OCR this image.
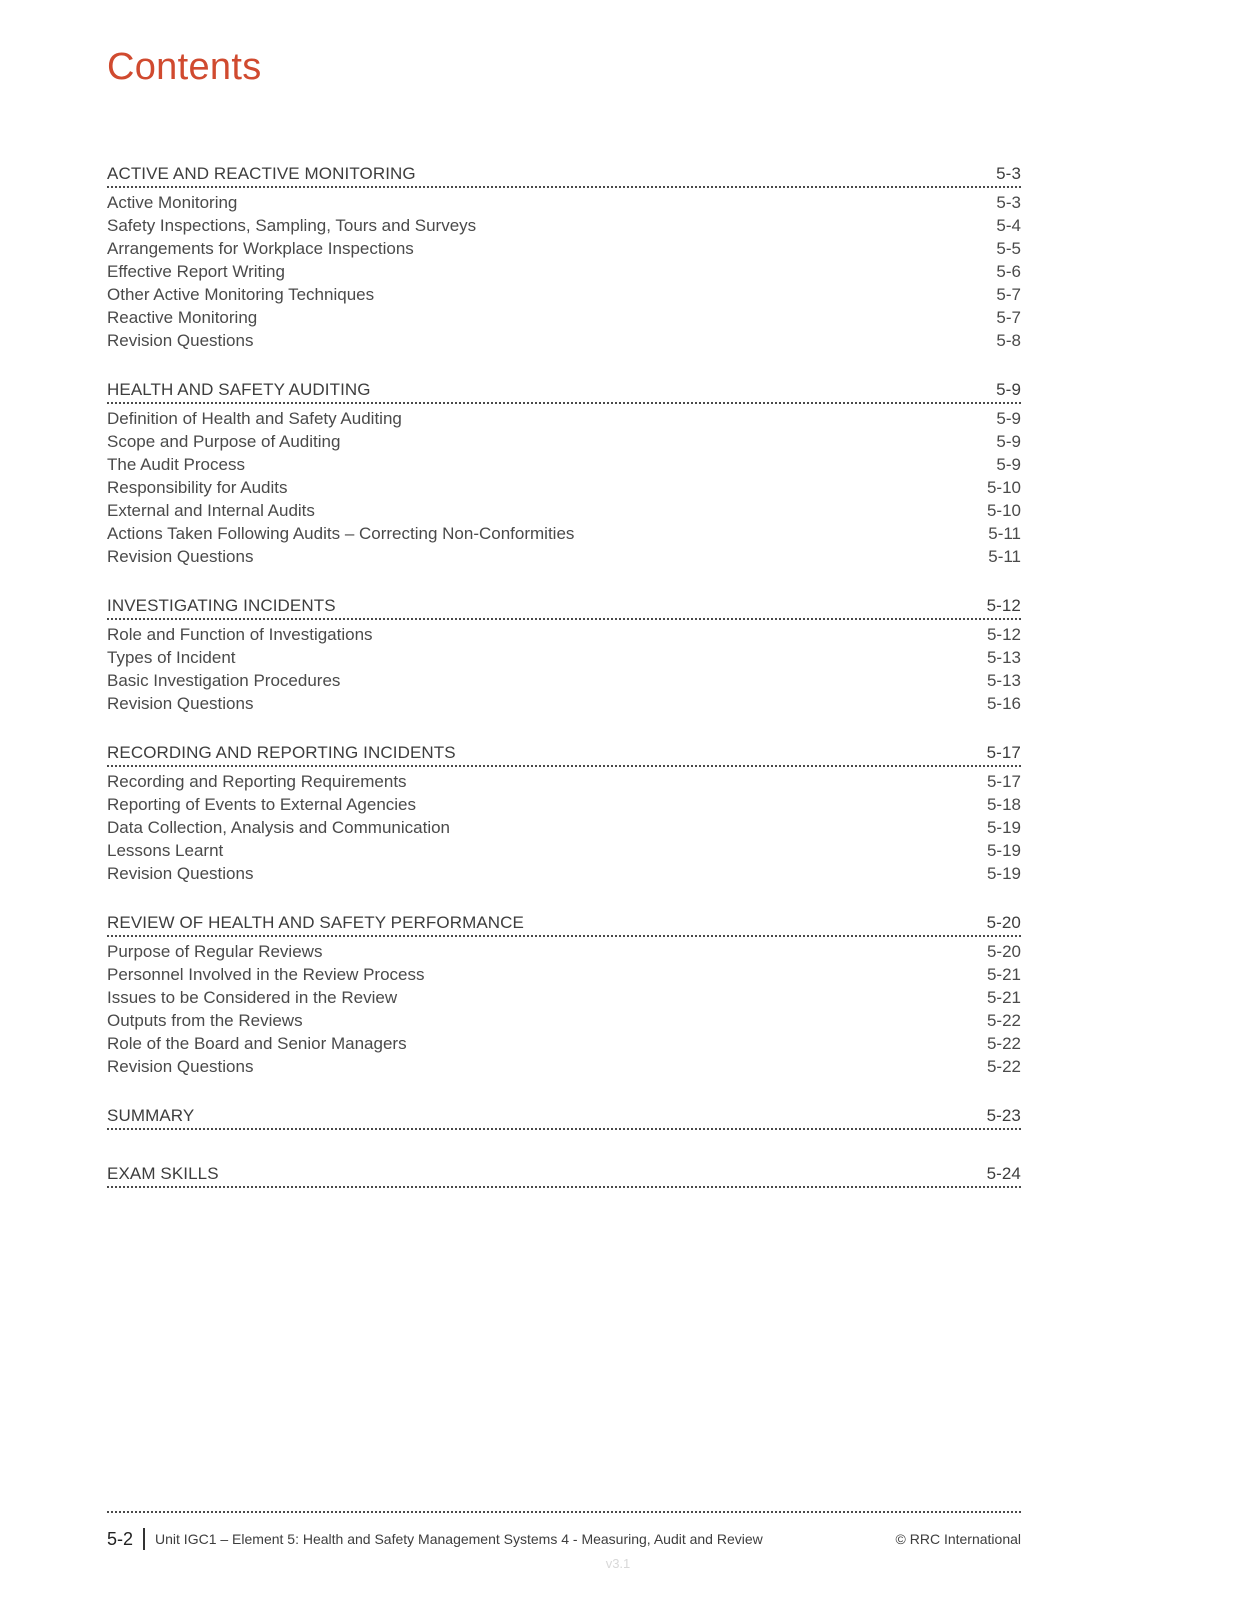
Contents
ACTIVE AND REACTIVE MONITORING	5-3
Active Monitoring	5-3
Safety Inspections, Sampling, Tours and Surveys	5-4
Arrangements for Workplace Inspections	5-5
Effective Report Writing	5-6
Other Active Monitoring Techniques	5-7
Reactive Monitoring	5-7
Revision Questions	5-8
HEALTH AND SAFETY AUDITING	5-9
Definition of Health and Safety Auditing	5-9
Scope and Purpose of Auditing	5-9
The Audit Process	5-9
Responsibility for Audits	5-10
External and Internal Audits	5-10
Actions Taken Following Audits – Correcting Non-Conformities	5-11
Revision Questions	5-11
INVESTIGATING INCIDENTS	5-12
Role and Function of Investigations	5-12
Types of Incident	5-13
Basic Investigation Procedures	5-13
Revision Questions	5-16
RECORDING AND REPORTING INCIDENTS	5-17
Recording and Reporting Requirements	5-17
Reporting of Events to External Agencies	5-18
Data Collection, Analysis and Communication	5-19
Lessons Learnt	5-19
Revision Questions	5-19
REVIEW OF HEALTH AND SAFETY PERFORMANCE	5-20
Purpose of Regular Reviews	5-20
Personnel Involved in the Review Process	5-21
Issues to be Considered in the Review	5-21
Outputs from the Reviews	5-22
Role of the Board and Senior Managers	5-22
Revision Questions	5-22
SUMMARY	5-23
EXAM SKILLS	5-24
5-2	Unit IGC1 – Element 5: Health and Safety Management Systems 4 - Measuring, Audit and Review	© RRC International
v3.1
